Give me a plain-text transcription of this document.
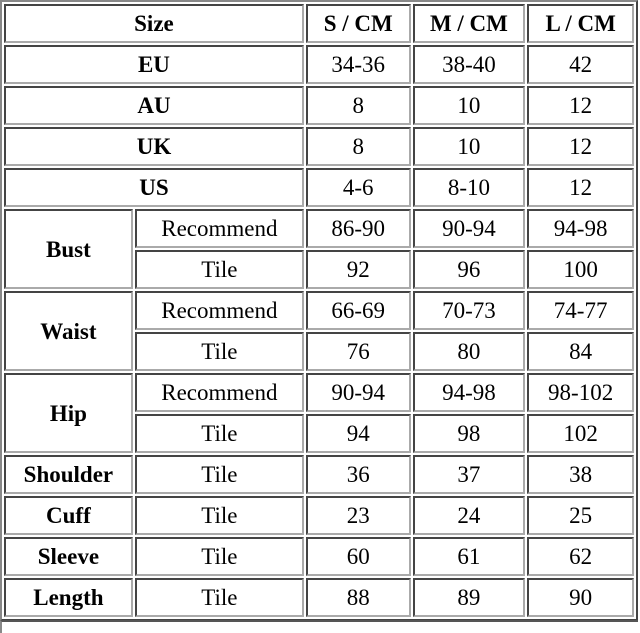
Size		S / CM	M / CM	L / CM
EU		34-36	38-40	42
AU		8	10	12
UK		8	10	12
US		4-6	8-10	12
Bust	Recommend	86-90	90-94	94-98
	Tile	92	96	100
Waist	Recommend	66-69	70-73	74-77
	Tile	76	80	84
Hip	Recommend	90-94	94-98	98-102
	Tile	94	98	102
Shoulder	Tile	36	37	38
Cuff	Tile	23	24	25
Sleeve	Tile	60	61	62
Length	Tile	88	89	90
